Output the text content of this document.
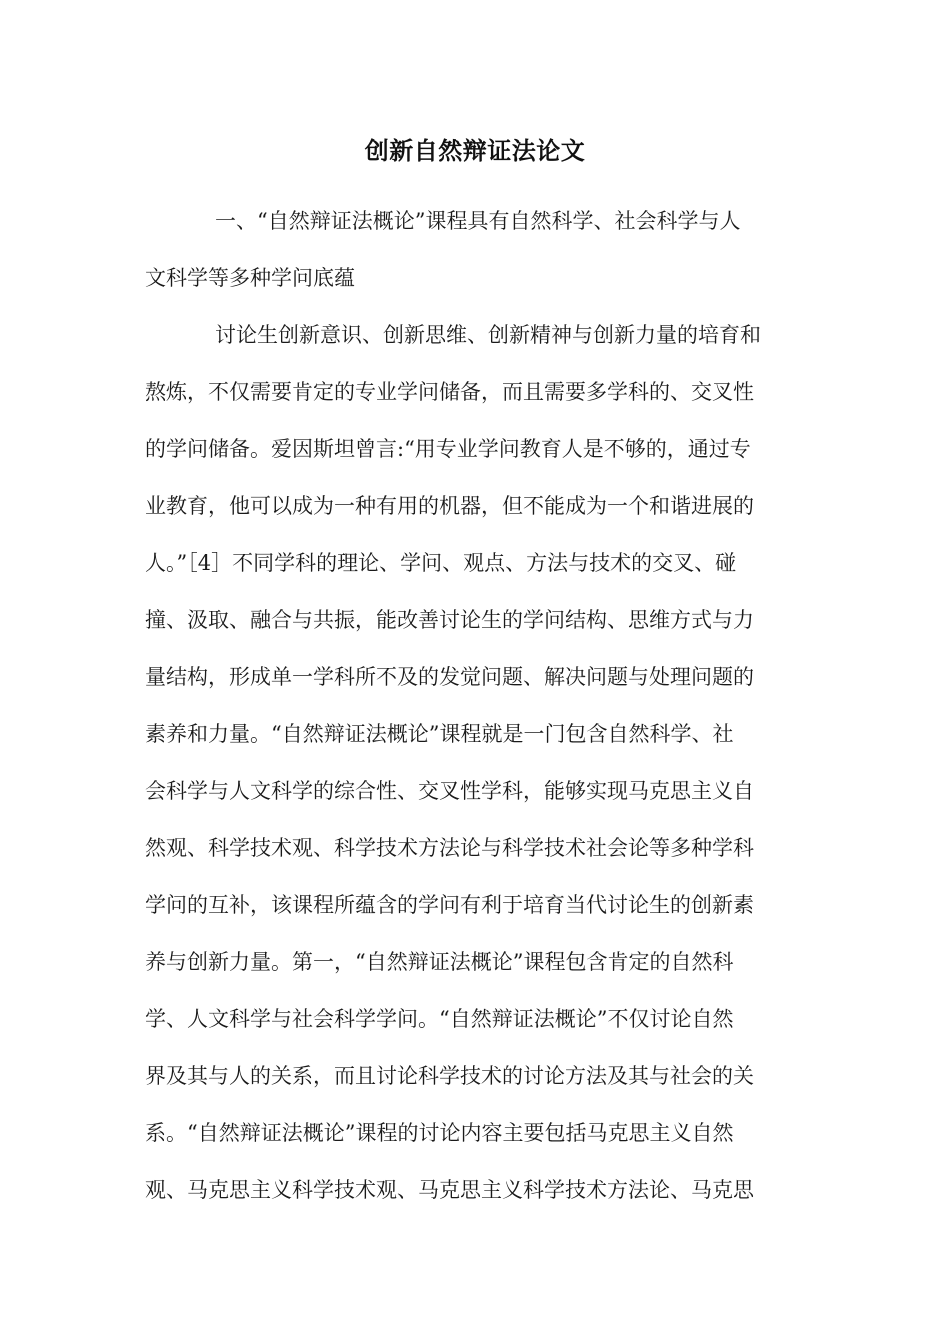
创新自然辩证法论文
一、“自然辩证法概论”课程具有自然科学、社会科学与人
文科学等多种学问底蕴
讨论生创新意识、创新思维、创新精神与创新力量的培育和
熬炼，不仅需要肯定的专业学问储备，而且需要多学科的、交叉性
的学问储备。爱因斯坦曾言:“用专业学问教育人是不够的，通过专
业教育，他可以成为一种有用的机器，但不能成为一个和谐进展的
人。”［4］不同学科的理论、学问、观点、方法与技术的交叉、碰
撞、汲取、融合与共振，能改善讨论生的学问结构、思维方式与力
量结构，形成单一学科所不及的发觉问题、解决问题与处理问题的
素养和力量。“自然辩证法概论”课程就是一门包含自然科学、社
会科学与人文科学的综合性、交叉性学科，能够实现马克思主义自
然观、科学技术观、科学技术方法论与科学技术社会论等多种学科
学问的互补，该课程所蕴含的学问有利于培育当代讨论生的创新素
养与创新力量。第一，“自然辩证法概论”课程包含肯定的自然科
学、人文科学与社会科学学问。“自然辩证法概论”不仅讨论自然
界及其与人的关系，而且讨论科学技术的讨论方法及其与社会的关
系。“自然辩证法概论”课程的讨论内容主要包括马克思主义自然
观、马克思主义科学技术观、马克思主义科学技术方法论、马克思
